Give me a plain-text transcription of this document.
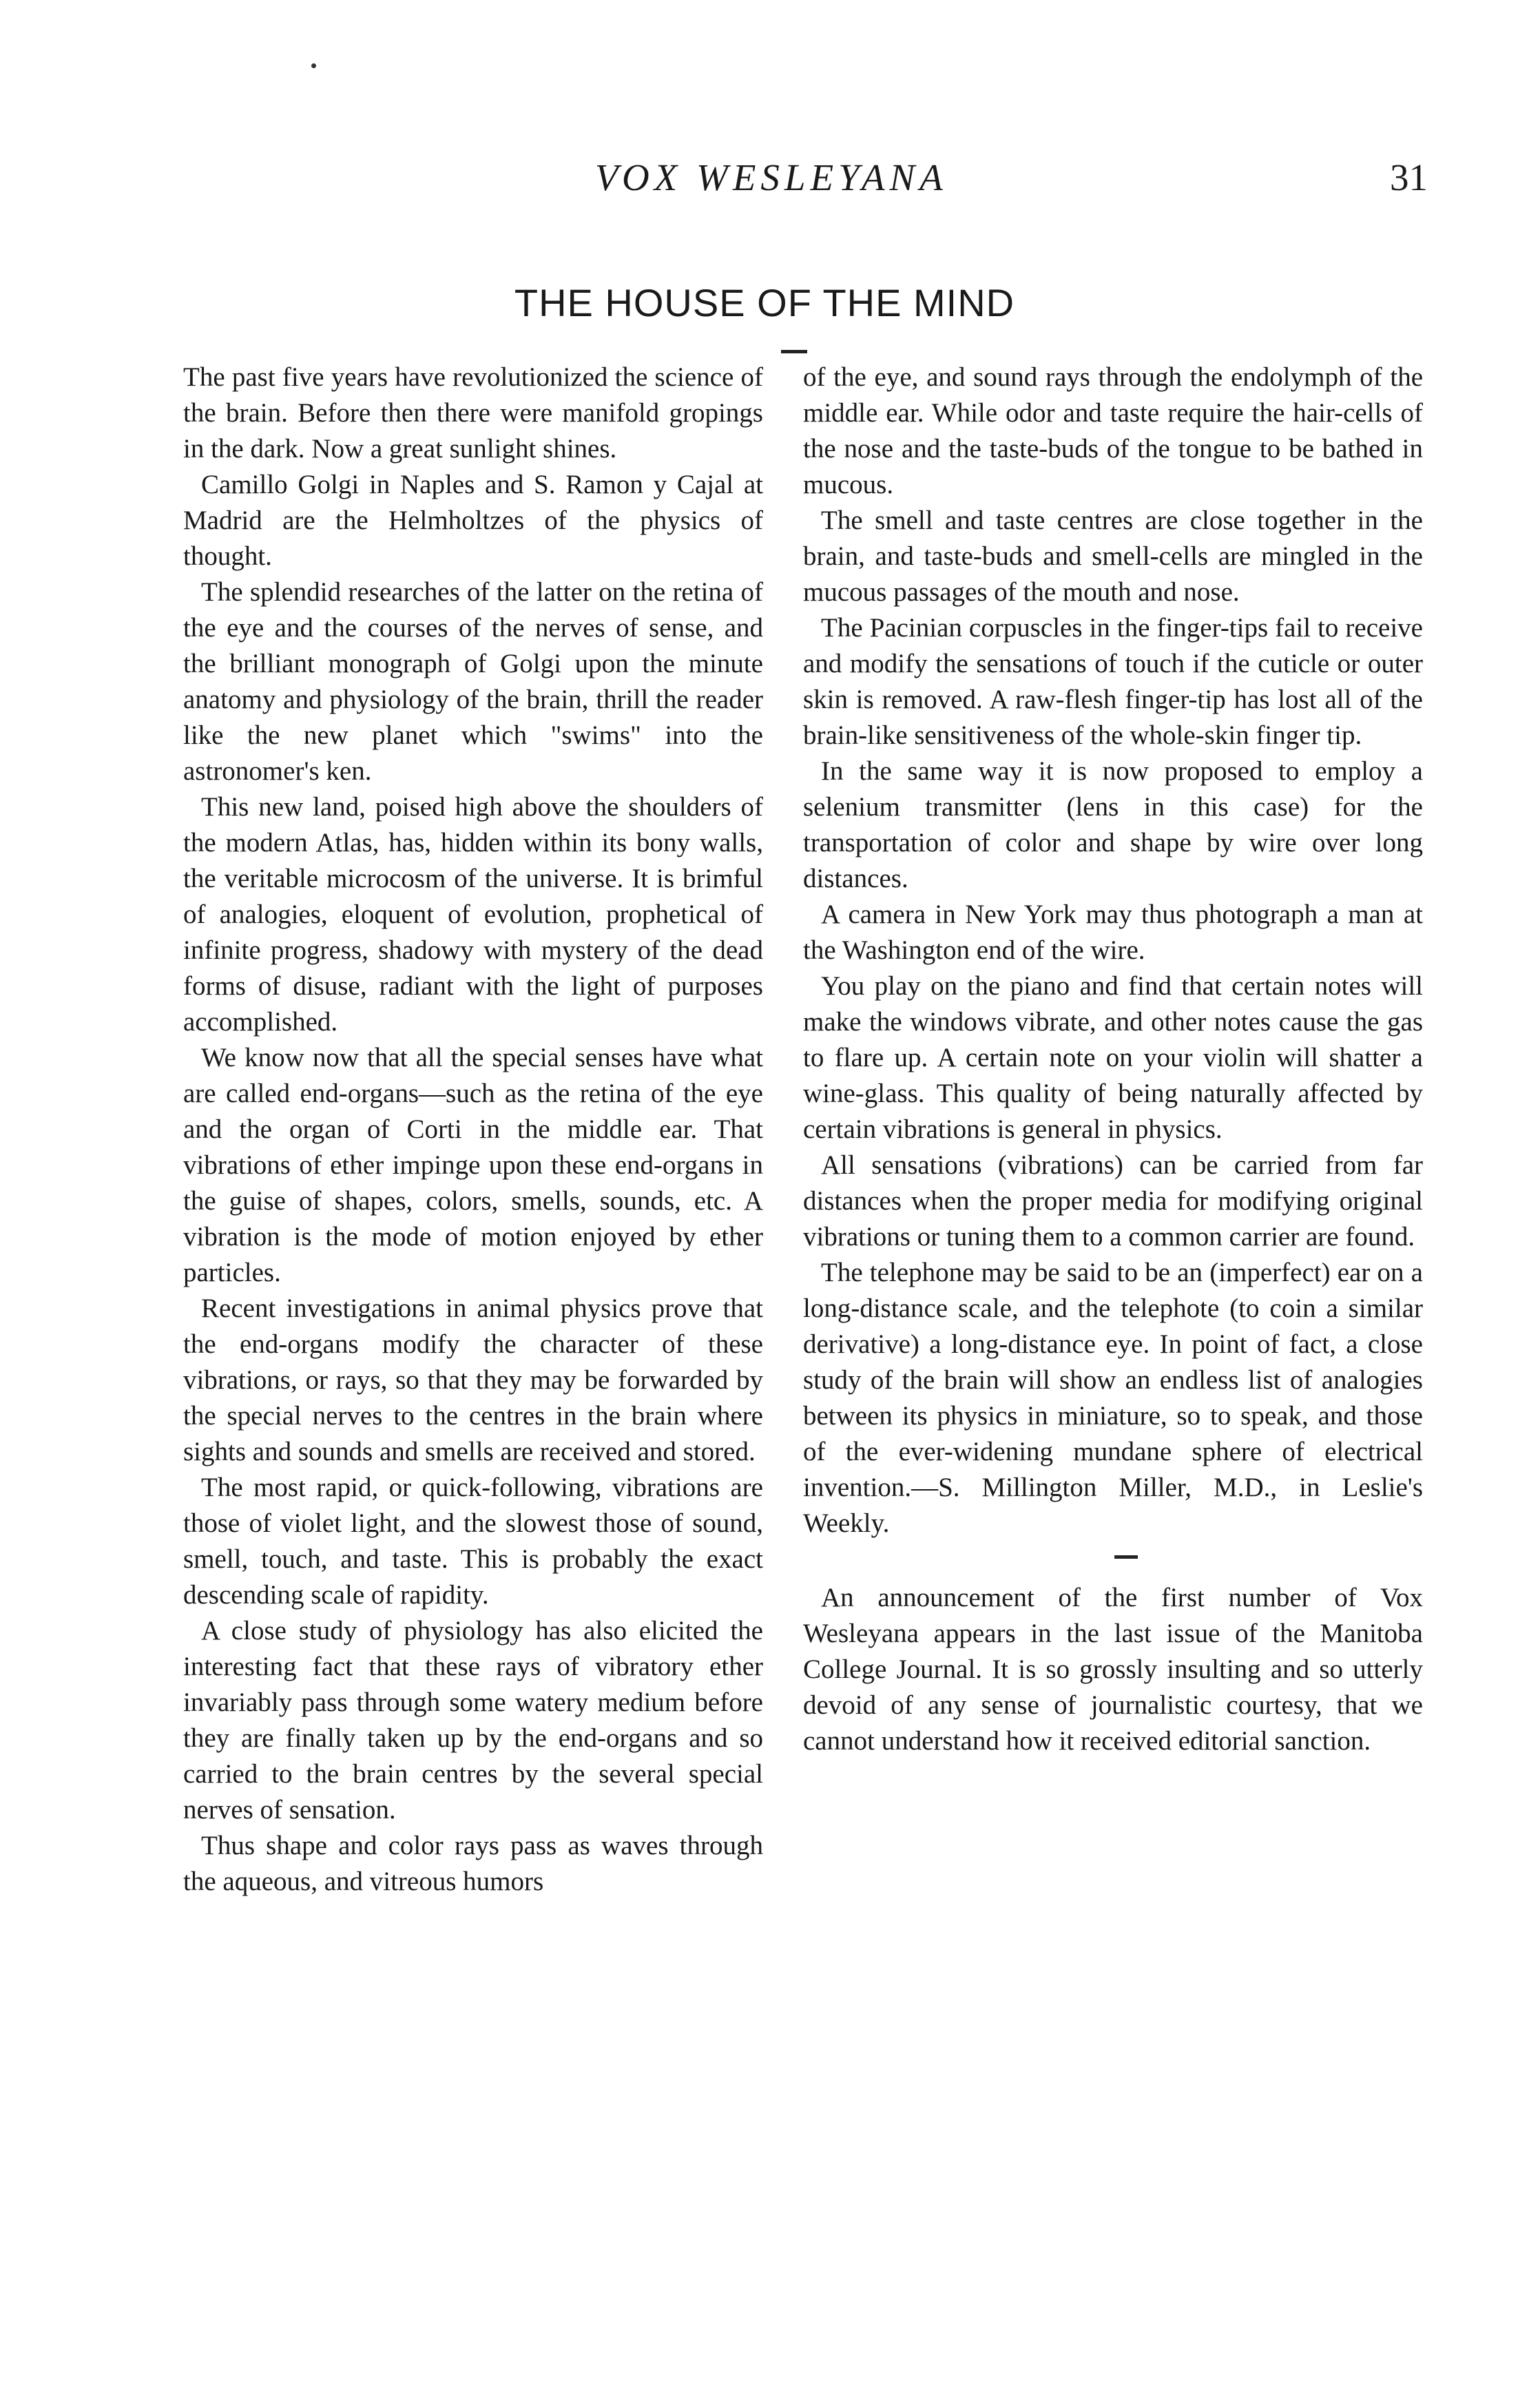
VOX WESLEYANA	31
THE HOUSE OF THE MIND

The past five years have revolutionized the science of the brain. Before then there were manifold gropings in the dark. Now a great sunlight shines.

Camillo Golgi in Naples and S. Ramon y Cajal at Madrid are the Helmholtzes of the physics of thought.

The splendid researches of the latter on the retina of the eye and the courses of the nerves of sense, and the brilliant monograph of Golgi upon the minute anatomy and physiology of the brain, thrill the reader like the new planet which "swims" into the astronomer's ken.

This new land, poised high above the shoulders of the modern Atlas, has, hidden within its bony walls, the veritable microcosm of the universe. It is brimful of analogies, eloquent of evolution, prophetical of infinite progress, shadowy with mystery of the dead forms of disuse, radiant with the light of purposes accomplished.

We know now that all the special senses have what are called end-organs—such as the retina of the eye and the organ of Corti in the middle ear. That vibrations of ether impinge upon these end-organs in the guise of shapes, colors, smells, sounds, etc. A vibration is the mode of motion enjoyed by ether particles.

Recent investigations in animal physics prove that the end-organs modify the character of these vibrations, or rays, so that they may be forwarded by the special nerves to the centres in the brain where sights and sounds and smells are received and stored.

The most rapid, or quick-following, vibrations are those of violet light, and the slowest those of sound, smell, touch, and taste. This is probably the exact descending scale of rapidity.

A close study of physiology has also elicited the interesting fact that these rays of vibratory ether invariably pass through some watery medium before they are finally taken up by the end-organs and so carried to the brain centres by the several special nerves of sensation.

Thus shape and color rays pass as waves through the aqueous, and vitreous humors

of the eye, and sound rays through the endolymph of the middle ear. While odor and taste require the hair-cells of the nose and the taste-buds of the tongue to be bathed in mucous.

The smell and taste centres are close together in the brain, and taste-buds and smell-cells are mingled in the mucous passages of the mouth and nose.

The Pacinian corpuscles in the finger-tips fail to receive and modify the sensations of touch if the cuticle or outer skin is removed. A raw-flesh finger-tip has lost all of the brain-like sensitiveness of the whole-skin finger tip.

In the same way it is now proposed to employ a selenium transmitter (lens in this case) for the transportation of color and shape by wire over long distances.

A camera in New York may thus photograph a man at the Washington end of the wire.

You play on the piano and find that certain notes will make the windows vibrate, and other notes cause the gas to flare up. A certain note on your violin will shatter a wine-glass. This quality of being naturally affected by certain vibrations is general in physics.

All sensations (vibrations) can be carried from far distances when the proper media for modifying original vibrations or tuning them to a common carrier are found.

The telephone may be said to be an (imperfect) ear on a long-distance scale, and the telephote (to coin a similar derivative) a long-distance eye. In point of fact, a close study of the brain will show an endless list of analogies between its physics in miniature, so to speak, and those of the ever-widening mundane sphere of electrical invention.—S. Millington Miller, M.D., in Leslie's Weekly.

An announcement of the first number of Vox Wesleyana appears in the last issue of the Manitoba College Journal. It is so grossly insulting and so utterly devoid of any sense of journalistic courtesy, that we cannot understand how it received editorial sanction.
